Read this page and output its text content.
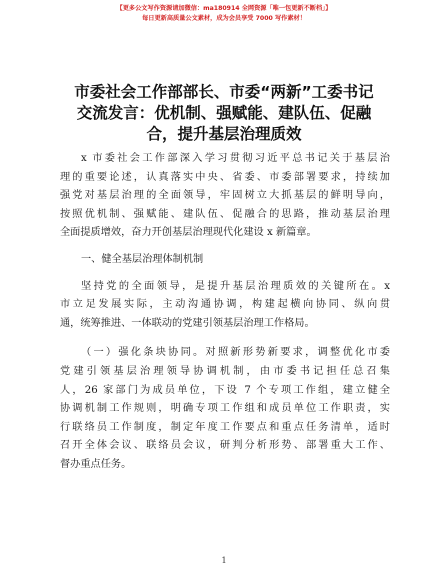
【更多公文写作资源请加微信：ma180914 全网资源「唯一包更新不断档」】
每日更新高质量公文素材，成为会员享受 7000 写作素材！
市委社会工作部部长、市委“两新”工委书记
交流发言：优机制、强赋能、建队伍、促融
合，提升基层治理质效
x 市委社会工作部深入学习贯彻习近平总书记关于基层治
理的重要论述，认真落实中央、省委、市委部署要求，持续加
强党对基层治理的全面领导，牢固树立大抓基层的鲜明导向，
按照优机制、强赋能、建队伍、促融合的思路，推动基层治理
全面提质增效，奋力开创基层治理现代化建设 x 新篇章。
一、健全基层治理体制机制
坚持党的全面领导，是提升基层治理质效的关键所在。x
市立足发展实际，主动沟通协调，构建起横向协同、纵向贯
通，统筹推进、一体联动的党建引领基层治理工作格局。
（一）强化条块协同。对照新形势新要求，调整优化市委
党建引领基层治理领导协调机制，由市委书记担任总召集
人，26 家部门为成员单位，下设 7 个专项工作组，建立健全
协调机制工作规则，明确专项工作组和成员单位工作职责，实
行联络员工作制度，制定年度工作要点和重点任务清单，适时
召开全体会议、联络员会议，研判分析形势、部署重大工作、
督办重点任务。
1
